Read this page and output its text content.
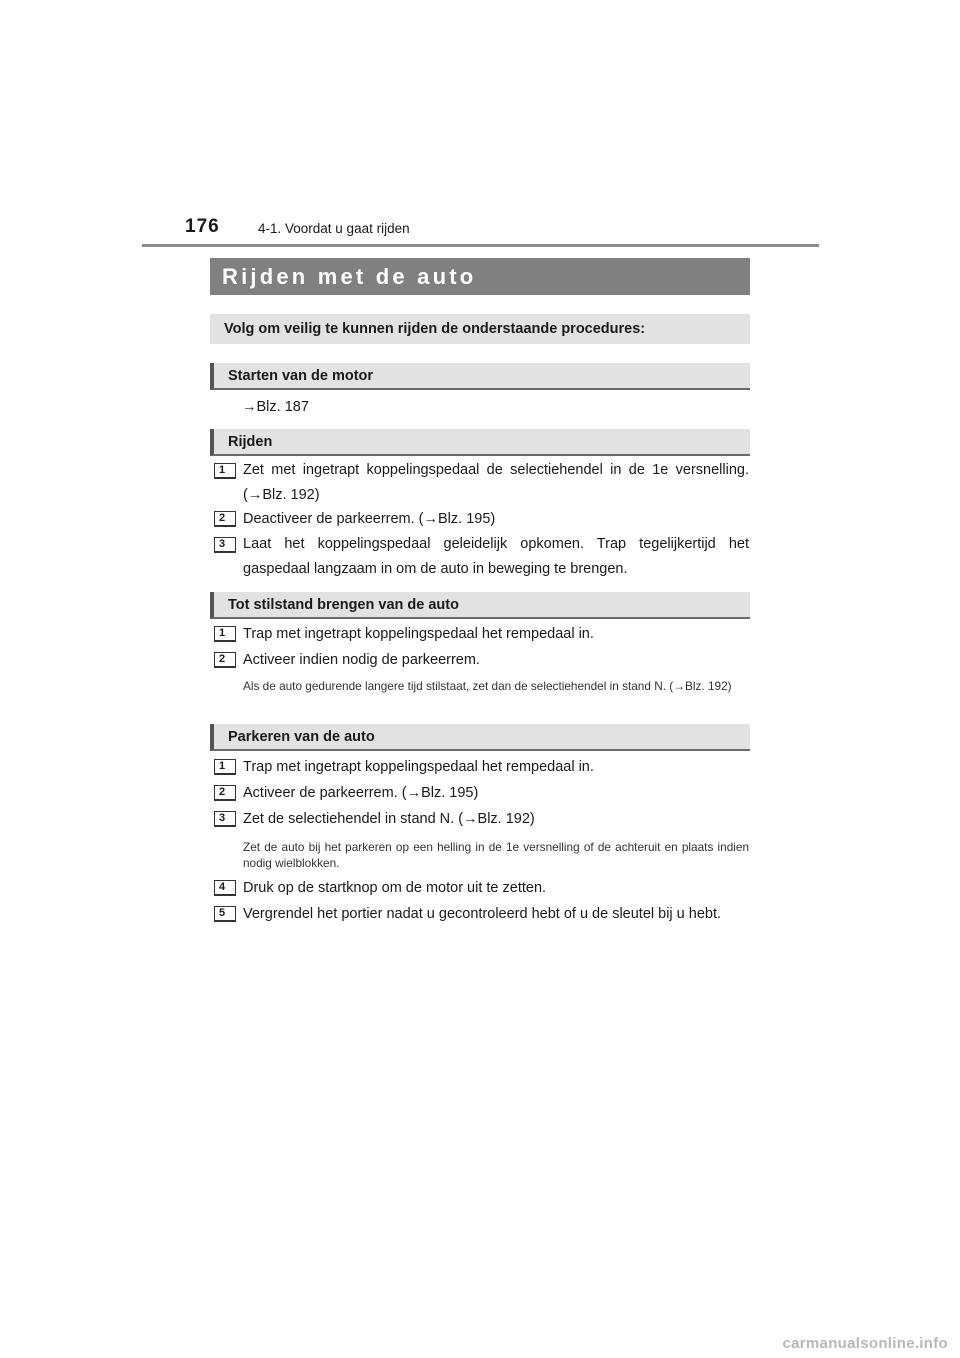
176	4-1. Voordat u gaat rijden
Rijden met de auto
Volg om veilig te kunnen rijden de onderstaande procedures:
Starten van de motor

→Blz. 187

Rijden
1	Zet met ingetrapt koppelingspedaal de selectiehendel in de 1e versnelling. (→Blz. 192)

2	Deactiveer de parkeerrem. (→Blz. 195)

3	Laat het koppelingspedaal geleidelijk opkomen. Trap tegelijkertijd het gaspedaal langzaam in om de auto in beweging te brengen.

Tot stilstand brengen van de auto
1	Trap met ingetrapt koppelingspedaal het rempedaal in.

2	Activeer indien nodig de parkeerrem.

Als de auto gedurende langere tijd stilstaat, zet dan de selectiehendel in stand N. (→Blz. 192)

Parkeren van de auto
1	Trap met ingetrapt koppelingspedaal het rempedaal in.

2	Activeer de parkeerrem. (→Blz. 195)

3	Zet de selectiehendel in stand N. (→Blz. 192)

Zet de auto bij het parkeren op een helling in de 1e versnelling of de achteruit en plaats indien nodig wielblokken.

4	Druk op de startknop om de motor uit te zetten.

5	Vergrendel het portier nadat u gecontroleerd hebt of u de sleutel bij u hebt.

carmanualsonline.info
